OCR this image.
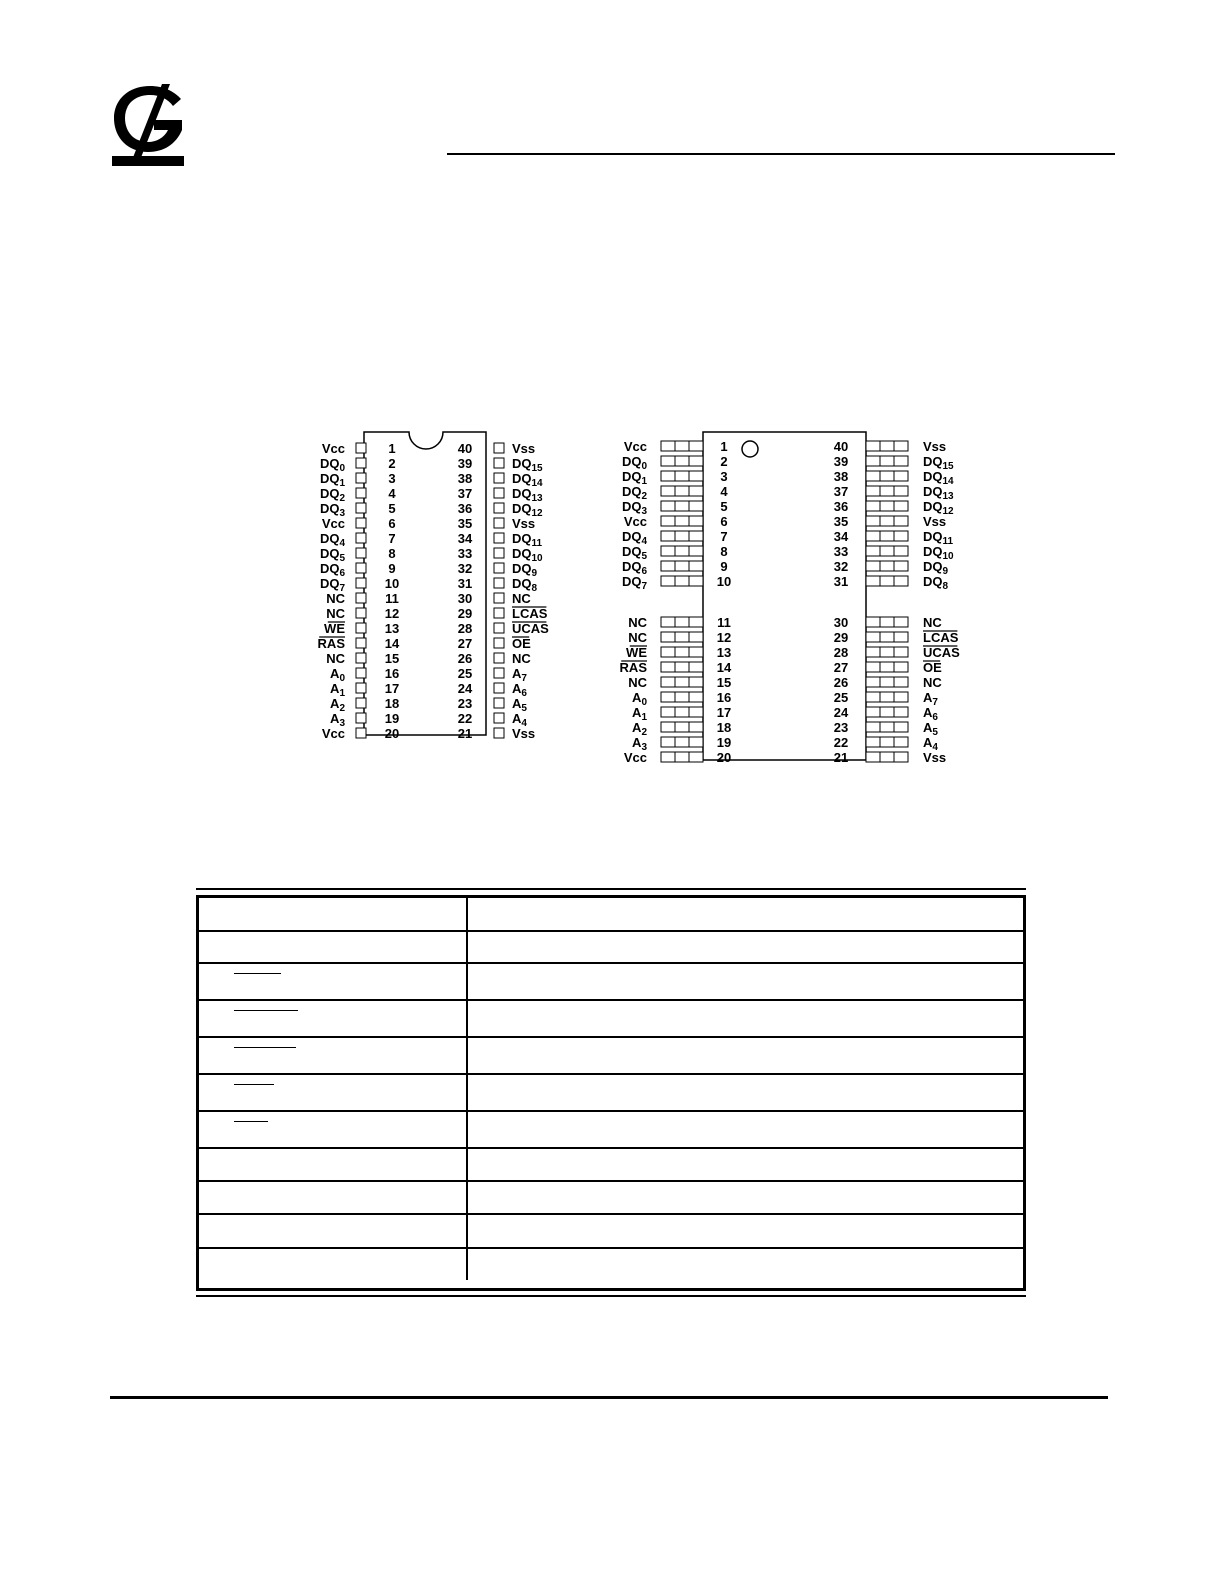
Vcc	1	40	Vss
$DQ_0$	2	39	$DQ_{15}$
$DQ_1$	3	38	$DQ_{14}$
$DQ_2$	4	37	$DQ_{13}$
$DQ_3$	5	36	$DQ_{12}$
Vcc	6	35	Vss
$DQ_4$	7	34	$DQ_{11}$
$DQ_5$	8	33	$DQ_{10}$
$DQ_6$	9	32	$DQ_9$
$DQ_7$	10	31	$DQ_8$
NC	11	30	NC
NC	12	29	LCAS
WE	13	28	UCAS
RAS	14	27	OE
NC	15	26	NC
$A_0$	16	25	$A_7$
$A_1$	17	24	$A_6$
$A_2$	18	23	$A_5$
$A_3$	19	22	$A_4$
Vcc	20	21	Vss
Vcc	1	40	Vss
$DQ_0$	2	39	$DQ_{15}$
$DQ_1$	3	38	$DQ_{14}$
$DQ_2$	4	37	$DQ_{13}$
$DQ_3$	5	36	$DQ_{12}$
Vcc	6	35	Vss
$DQ_4$	7	34	$DQ_{11}$
$DQ_5$	8	33	$DQ_{10}$
$DQ_6$	9	32	$DQ_9$
$DQ_7$	10	31	$DQ_8$
NC	11	30	NC
NC	12	29	LCAS
WE	13	28	UCAS
RAS	14	27	OE
NC	15	26	NC
$A_0$	16	25	$A_7$
$A_1$	17	24	$A_6$
$A_2$	18	23	$A_5$
$A_3$	19	22	$A_4$
Vcc	20	21	Vss
